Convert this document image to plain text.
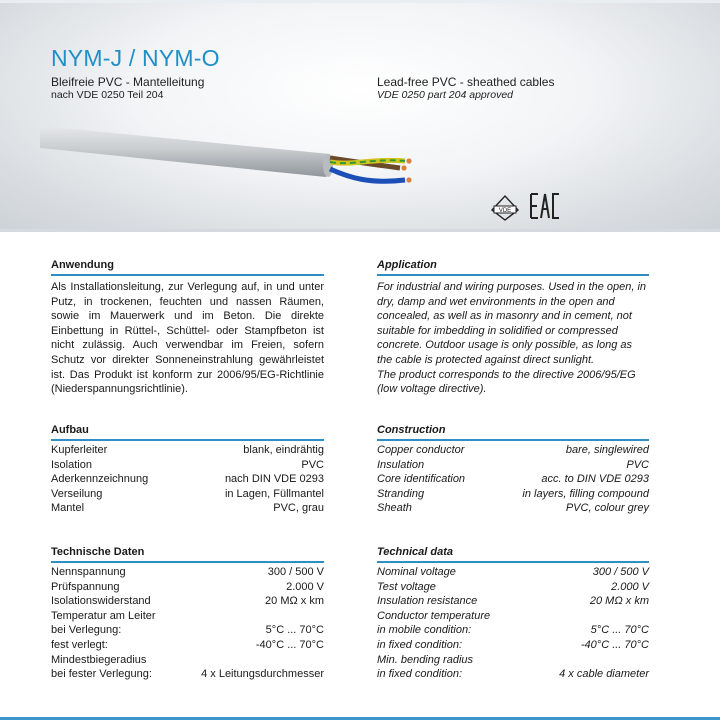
NYM-J / NYM-O
Bleifreie PVC - Mantelleitung
nach VDE 0250 Teil 204
Lead-free PVC - sheathed cables
VDE 0250 part 204 approved
VDE
Anwendung
Als Installationsleitung, zur Verlegung auf, in und unter Putz, in trockenen, feuchten und nassen Räumen, sowie im Mauerwerk und im Beton. Die direkte Einbettung in Rüttel-, Schüttel- oder Stampfbeton ist nicht zulässig. Auch verwendbar im Freien, sofern Schutz vor direkter Sonneneinstrahlung gewährleistet ist. Das Produkt ist konform zur 2006/95/EG-Richtlinie (Niederspannungsrichtlinie).
Application
For industrial and wiring purposes. Used in the open, in dry, damp and wet environments in the open and concealed, as well as in masonry and in cement, not suitable for imbedding in solidified or compressed concrete. Outdoor usage is only possible, as long as the cable is protected against direct sunlight.
The product corresponds to the directive 2006/95/EG (low voltage directive).
Aufbau
Kupferleiter	blank, eindrähtig
Isolation	PVC
Aderkennzeichnung	nach DIN VDE 0293
Verseilung	in Lagen, Füllmantel
Mantel	PVC, grau
Construction
Copper conductor	bare, singlewired
Insulation	PVC
Core identification	acc. to DIN VDE 0293
Stranding	in layers, filling compound
Sheath	PVC, colour grey
Technische Daten
Nennspannung	300 / 500 V
Prüfspannung	2.000 V
Isolationswiderstand	20 MΩ x km
Temperatur am Leiter
bei Verlegung:	5°C ... 70°C
fest verlegt:	-40°C ... 70°C
Mindestbiegeradius
bei fester Verlegung:	4 x Leitungsdurchmesser
Technical data
Nominal voltage	300 / 500 V
Test voltage	2.000 V
Insulation resistance	20 MΩ x km
Conductor temperature
in mobile condition:	5°C ... 70°C
in fixed condition:	-40°C ... 70°C
Min. bending radius
in fixed condition:	4 x cable diameter
